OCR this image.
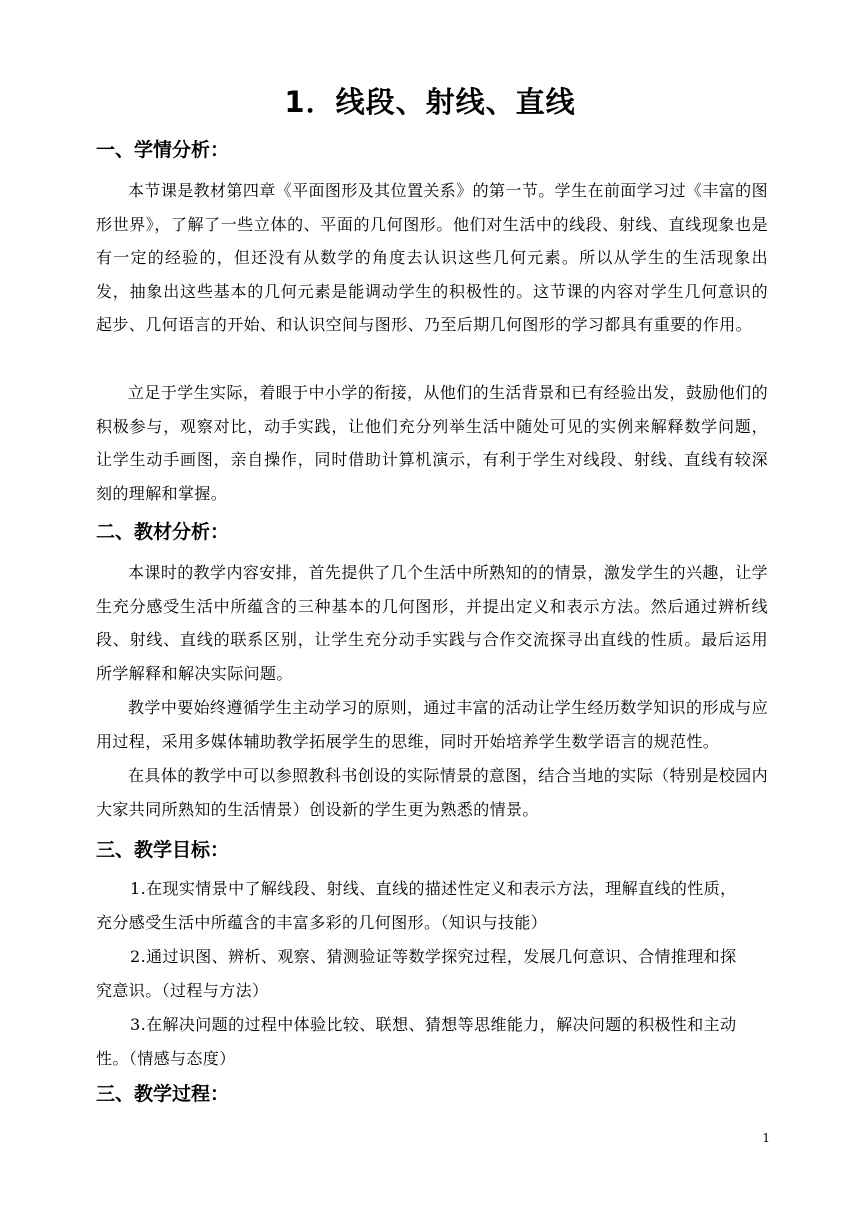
1．线段、射线、直线
一、学情分析：
本节课是教材第四章《平面图形及其位置关系》的第一节。学生在前面学习过《丰富的图形世界》，了解了一些立体的、平面的几何图形。他们对生活中的线段、射线、直线现象也是有一定的经验的，但还没有从数学的角度去认识这些几何元素。所以从学生的生活现象出发，抽象出这些基本的几何元素是能调动学生的积极性的。这节课的内容对学生几何意识的起步、几何语言的开始、和认识空间与图形、乃至后期几何图形的学习都具有重要的作用。
立足于学生实际，着眼于中小学的衔接，从他们的生活背景和已有经验出发，鼓励他们的积极参与，观察对比，动手实践，让他们充分列举生活中随处可见的实例来解释数学问题，让学生动手画图，亲自操作，同时借助计算机演示，有利于学生对线段、射线、直线有较深刻的理解和掌握。
二、教材分析：
本课时的教学内容安排，首先提供了几个生活中所熟知的的情景，激发学生的兴趣，让学生充分感受生活中所蕴含的三种基本的几何图形，并提出定义和表示方法。然后通过辨析线段、射线、直线的联系区别，让学生充分动手实践与合作交流探寻出直线的性质。最后运用所学解释和解决实际问题。
教学中要始终遵循学生主动学习的原则，通过丰富的活动让学生经历数学知识的形成与应用过程，采用多媒体辅助教学拓展学生的思维，同时开始培养学生数学语言的规范性。
在具体的教学中可以参照教科书创设的实际情景的意图，结合当地的实际（特别是校园内大家共同所熟知的生活情景）创设新的学生更为熟悉的情景。
三、教学目标：
1.在现实情景中了解线段、射线、直线的描述性定义和表示方法，理解直线的性质，
充分感受生活中所蕴含的丰富多彩的几何图形。（知识与技能）
2.通过识图、辨析、观察、猜测验证等数学探究过程，发展几何意识、合情推理和探
究意识。（过程与方法）
3.在解决问题的过程中体验比较、联想、猜想等思维能力，解决问题的积极性和主动
性。（情感与态度）
三、教学过程：
1
